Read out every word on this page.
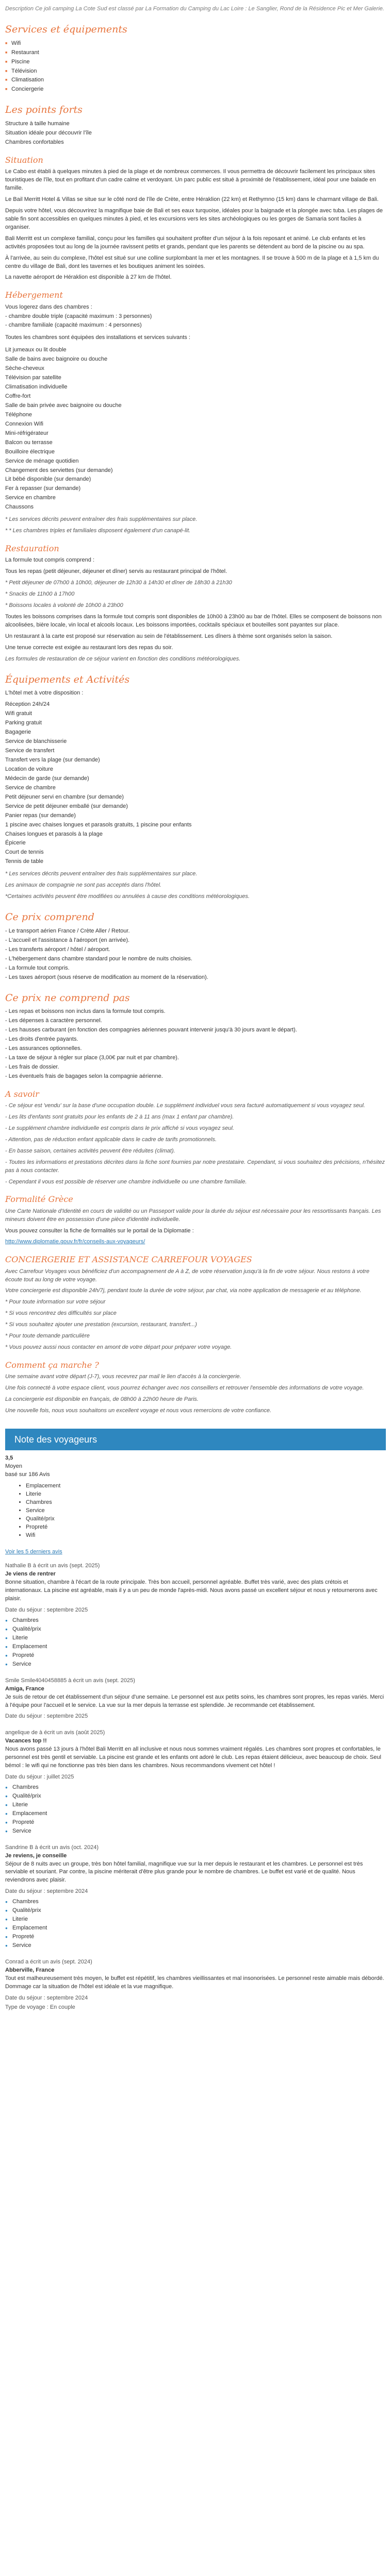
Description Ce joli camping La Cote Sud est classé par La Formation du Camping du Lac Loire : Le Sanglier, Rond de la Résidence Pic et Mer Galerie.

Services et équipements
■ Wifi
■ Restaurant
■ Piscine
■ Télévision
■ Climatisation
■ Conciergerie
Les points forts

Structure à taille humaine

Situation idéale pour découvrir l'île

Chambres confortables

Situation

Le Cabo est établi à quelques minutes à pied de la plage et de nombreux commerces. Il vous permettra de découvrir facilement les principaux sites touristiques de l'île, tout en profitant d'un cadre calme et verdoyant. Un parc public est situé à proximité de l'établissement, idéal pour une balade en famille.

Le Bail Merritt Hotel & Villas se situe sur le côté nord de l'île de Crète, entre Héraklion (22 km) et Rethymno (15 km) dans le charmant village de Bali.

Depuis votre hôtel, vous découvrirez la magnifique baie de Bali et ses eaux turquoise, idéales pour la baignade et la plongée avec tuba. Les plages de sable fin sont accessibles en quelques minutes à pied, et les excursions vers les sites archéologiques ou les gorges de Samaria sont faciles à organiser.

Bali Merritt est un complexe familial, conçu pour les familles qui souhaitent profiter d'un séjour à la fois reposant et animé. Le club enfants et les activités proposées tout au long de la journée ravissent petits et grands, pendant que les parents se détendent au bord de la piscine ou au spa.

À l'arrivée, au sein du complexe, l'hôtel est situé sur une colline surplombant la mer et les montagnes. Il se trouve à 500 m de la plage et à 1,5 km du centre du village de Bali, dont les tavernes et les boutiques animent les soirées.

La navette aéroport de Héraklion est disponible à 27 km de l'hôtel.

Hébergement

Vous logerez dans des chambres :

- chambre double triple (capacité maximum : 3 personnes)

- chambre familiale (capacité maximum : 4 personnes)

Toutes les chambres sont équipées des installations et services suivants :

Lit jumeaux ou lit double

Salle de bains avec baignoire ou douche

Sèche-cheveux

Télévision par satellite

Climatisation individuelle

Coffre-fort

Salle de bain privée avec baignoire ou douche

Téléphone

Connexion Wifi

Mini-réfrigérateur

Balcon ou terrasse

Bouilloire électrique

Service de ménage quotidien

Changement des serviettes (sur demande)

Lit bébé disponible (sur demande)

Fer à repasser (sur demande)

Service en chambre

Chaussons

* Les services décrits peuvent entraîner des frais supplémentaires sur place.

* * Les chambres triples et familiales disposent également d'un canapé-lit.

Restauration

La formule tout compris comprend :

Tous les repas (petit déjeuner, déjeuner et dîner) servis au restaurant principal de l'hôtel.

* Petit déjeuner de 07h00 à 10h00, déjeuner de 12h30 à 14h30 et dîner de 18h30 à 21h30

* Snacks de 11h00 à 17h00

* Boissons locales à volonté de 10h00 à 23h00

Toutes les boissons comprises dans la formule tout compris sont disponibles de 10h00 à 23h00 au bar de l'hôtel. Elles se composent de boissons non alcoolisées, bière locale, vin local et alcools locaux. Les boissons importées, cocktails spéciaux et bouteilles sont payantes sur place.

Un restaurant à la carte est proposé sur réservation au sein de l'établissement. Les dîners à thème sont organisés selon la saison.

Une tenue correcte est exigée au restaurant lors des repas du soir.

Les formules de restauration de ce séjour varient en fonction des conditions météorologiques.

Équipements et Activités

L'hôtel met à votre disposition :

Réception 24h/24

Wifi gratuit

Parking gratuit

Bagagerie

Service de blanchisserie

Service de transfert

Transfert vers la plage (sur demande)

Location de voiture

Médecin de garde (sur demande)

Service de chambre

Petit déjeuner servi en chambre (sur demande)

Service de petit déjeuner emballé (sur demande)

Panier repas (sur demande)

1 piscine avec chaises longues et parasols gratuits, 1 piscine pour enfants

Chaises longues et parasols à la plage

Épicerie

Court de tennis

Tennis de table

* Les services décrits peuvent entraîner des frais supplémentaires sur place.

Les animaux de compagnie ne sont pas acceptés dans l'hôtel.

*Certaines activités peuvent être modifiées ou annulées à cause des conditions météorologiques.

Ce prix comprend

- Le transport aérien France / Crète Aller / Retour.

- L'accueil et l'assistance à l'aéroport (en arrivée).

- Les transferts aéroport / hôtel / aéroport.

- L'hébergement dans chambre standard pour le nombre de nuits choisies.

- La formule tout compris.

- Les taxes aéroport (sous réserve de modification au moment de la réservation).

Ce prix ne comprend pas

- Les repas et boissons non inclus dans la formule tout compris.

- Les dépenses à caractère personnel.

- Les hausses carburant (en fonction des compagnies aériennes pouvant intervenir jusqu'à 30 jours avant le départ).

- Les droits d'entrée payants.

- Les assurances optionnelles.

- La taxe de séjour à régler sur place (3,00€ par nuit et par chambre).

- Les frais de dossier.

- Les éventuels frais de bagages selon la compagnie aérienne.

A savoir

- Ce séjour est 'vendu' sur la base d'une occupation double. Le supplément individuel vous sera facturé automatiquement si vous voyagez seul.

- Les lits d'enfants sont gratuits pour les enfants de 2 à 11 ans (max 1 enfant par chambre).

- Le supplément chambre individuelle est compris dans le prix affiché si vous voyagez seul.

- Attention, pas de réduction enfant applicable dans le cadre de tarifs promotionnels.

- En basse saison, certaines activités peuvent être réduites (climat).

- Toutes les informations et prestations décrites dans la fiche sont fournies par notre prestataire. Cependant, si vous souhaitez des précisions, n'hésitez pas à nous contacter.

- Cependant il vous est possible de réserver une chambre individuelle ou une chambre familiale.

Formalité Grèce

Une Carte Nationale d'Identité en cours de validité ou un Passeport valide pour la durée du séjour est nécessaire pour les ressortissants français. Les mineurs doivent être en possession d'une pièce d'identité individuelle.

Vous pouvez consulter la fiche de formalités sur le portail de la Diplomatie :

http://www.diplomatie.gouv.fr/fr/conseils-aux-voyageurs/

CONCIERGERIE ET ASSISTANCE CARREFOUR VOYAGES

Avec Carrefour Voyages vous bénéficiez d'un accompagnement de A à Z, de votre réservation jusqu'à la fin de votre séjour. Nous restons à votre écoute tout au long de votre voyage.

Votre conciergerie est disponible 24h/7j, pendant toute la durée de votre séjour, par chat, via notre application de messagerie et au téléphone.

* Pour toute information sur votre séjour

* Si vous rencontrez des difficultés sur place

* Si vous souhaitez ajouter une prestation (excursion, restaurant, transfert...)

* Pour toute demande particulière

* Vous pouvez aussi nous contacter en amont de votre départ pour préparer votre voyage.

Comment ça marche ?

Une semaine avant votre départ (J-7), vous recevrez par mail le lien d'accès à la conciergerie.

Une fois connecté à votre espace client, vous pourrez échanger avec nos conseillers et retrouver l'ensemble des informations de votre voyage.

La conciergerie est disponible en français, de 08h00 à 22h00 heure de Paris.

Une nouvelle fois, nous vous souhaitons un excellent voyage et nous vous remercions de votre confiance.

Note des voyageurs
3,5
Moyen
basé sur 186 Avis
• Emplacement
• Literie
• Chambres
• Service
• Qualité/prix
• Propreté
• Wifi
Voir les 5 derniers avis
Nathalie B à écrit un avis (sept. 2025)
Je viens de rentrer

Bonne situation, chambre à l'écart de la route principale. Très bon accueil, personnel agréable. Buffet très varié, avec des plats crétois et internationaux. La piscine est agréable, mais il y a un peu de monde l'après-midi. Nous avons passé un excellent séjour et nous y retournerons avec plaisir.

Date du séjour : septembre 2025
● Chambres
● Qualité/prix
● Literie
● Emplacement
● Propreté
● Service
Smile Smile4040458885 à écrit un avis (sept. 2025)
Amiga, France

Je suis de retour de cet établissement d'un séjour d'une semaine. Le personnel est aux petits soins, les chambres sont propres, les repas variés. Merci à l'équipe pour l'accueil et le service. La vue sur la mer depuis la terrasse est splendide. Je recommande cet établissement.

Date du séjour : septembre 2025
angelique de à écrit un avis (août 2025)
Vacances top !!

Nous avons passé 13 jours à l'hôtel Bali Merritt en all inclusive et nous nous sommes vraiment régalés. Les chambres sont propres et confortables, le personnel est très gentil et serviable. La piscine est grande et les enfants ont adoré le club. Les repas étaient délicieux, avec beaucoup de choix. Seul bémol : le wifi qui ne fonctionne pas très bien dans les chambres. Nous recommandons vivement cet hôtel !

Date du séjour : juillet 2025
● Chambres
● Qualité/prix
● Literie
● Emplacement
● Propreté
● Service
Sandrine B à écrit un avis (oct. 2024)
Je reviens, je conseille

Séjour de 8 nuits avec un groupe, très bon hôtel familial, magnifique vue sur la mer depuis le restaurant et les chambres. Le personnel est très serviable et souriant. Par contre, la piscine mériterait d'être plus grande pour le nombre de chambres. Le buffet est varié et de qualité. Nous reviendrons avec plaisir.

Date du séjour : septembre 2024
● Chambres
● Qualité/prix
● Literie
● Emplacement
● Propreté
● Service
Conrad a écrit un avis (sept. 2024)
Abberville, France

Tout est malheureusement très moyen, le buffet est répétitif, les chambres vieillissantes et mal insonorisées. Le personnel reste aimable mais débordé. Dommage car la situation de l'hôtel est idéale et la vue magnifique.

Date du séjour : septembre 2024
Type de voyage : En couple
